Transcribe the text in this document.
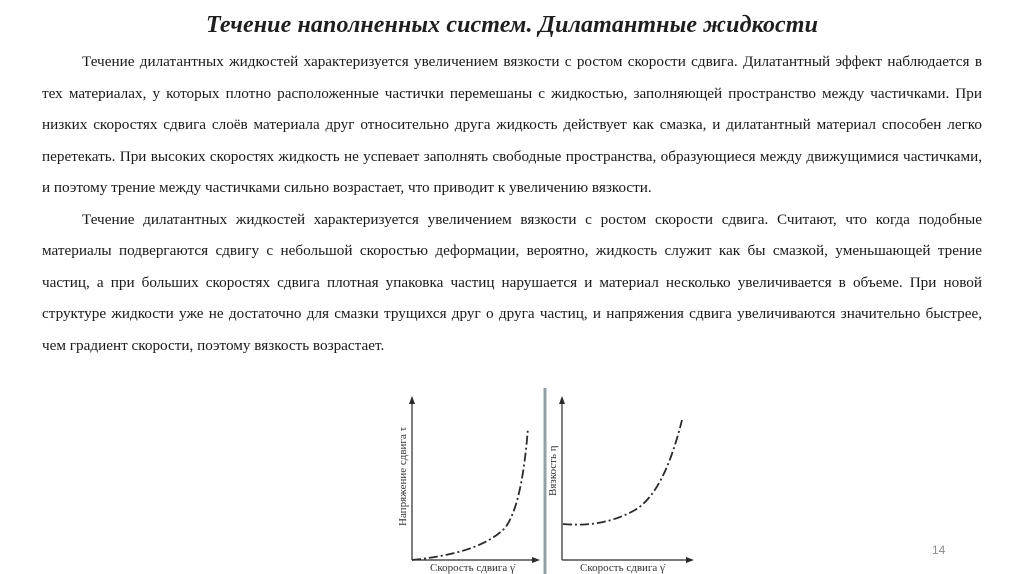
Течение наполненных систем. Дилатантные жидкости

Течение дилатантных жидкостей характеризуется увеличением вязкости с ростом скорости сдвига. Дилатантный эффект наблюдается в тех материалах, у которых плотно расположенные частички перемешаны с жидкостью, заполняющей пространство между частичками. При низких скоростях сдвига слоёв материала друг относительно друга жидкость действует как смазка, и дилатантный материал способен легко перетекать. При высоких скоростях жидкость не успевает заполнять свободные пространства, образующиеся между движущимися частичками, и поэтому трение между частичками сильно возрастает, что приводит к увеличению вязкости.

Течение дилатантных жидкостей характеризуется увеличением вязкости с ростом скорости сдвига. Считают, что когда подобные материалы подвергаются сдвигу с небольшой скоростью деформации, вероятно, жидкость служит как бы смазкой, уменьшающей трение частиц, а при больших скоростях сдвига плотная упаковка частиц нарушается и материал несколько увеличивается в объеме. При новой структуре жидкости уже не достаточно для смазки трущихся друг о друга частиц, и напряжения сдвига увеличиваются значительно быстрее, чем градиент скорости, поэтому вязкость возрастает.

Напряжение сдвига τ
Скорость сдвига γ̇
Вязкость η
Скорость сдвига γ̇
14
